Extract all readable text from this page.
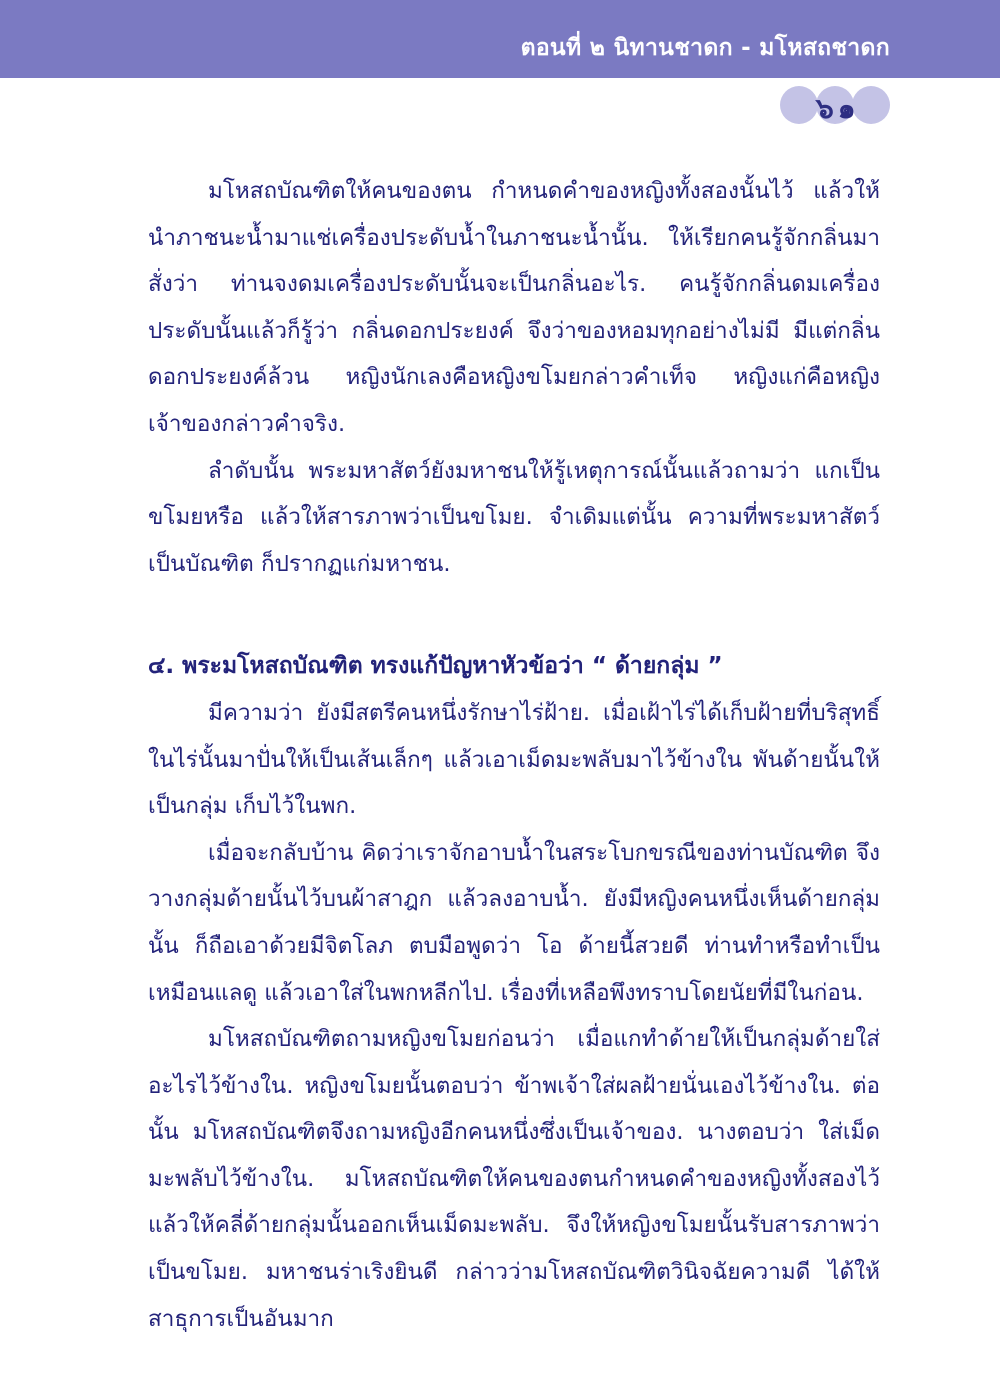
ตอนที่ ๒ นิทานชาดก - มโหสถชาดก
๖๑

มโหสถบัณฑิตให้คนของตน กำหนดคำของหญิงทั้งสองนั้นไว้ แล้วให้นำภาชนะน้ำมาแช่เครื่องประดับน้ำในภาชนะน้ำนั้น. ให้เรียกคนรู้จักกลิ่นมาสั่งว่า ท่านจงดมเครื่องประดับนั้นจะเป็นกลิ่นอะไร. คนรู้จักกลิ่นดมเครื่องประดับนั้นแล้วก็รู้ว่า กลิ่นดอกประยงค์ จึงว่าของหอมทุกอย่างไม่มี มีแต่กลิ่นดอกประยงค์ล้วน หญิงนักเลงคือหญิงขโมยกล่าวคำเท็จ หญิงแก่คือหญิงเจ้าของกล่าวคำจริง.

ลำดับนั้น พระมหาสัตว์ยังมหาชนให้รู้เหตุการณ์นั้นแล้วถามว่า แกเป็นขโมยหรือ แล้วให้สารภาพว่าเป็นขโมย. จำเดิมแต่นั้น ความที่พระมหาสัตว์เป็นบัณฑิต ก็ปรากฏแก่มหาชน.

๔. พระมโหสถบัณฑิต ทรงแก้ปัญหาหัวข้อว่า “ ด้ายกลุ่ม ”

มีความว่า ยังมีสตรีคนหนึ่งรักษาไร่ฝ้าย. เมื่อเฝ้าไร่ได้เก็บฝ้ายที่บริสุทธิ์ในไร่นั้นมาปั่นให้เป็นเส้นเล็กๆ แล้วเอาเม็ดมะพลับมาไว้ข้างใน พันด้ายนั้นให้เป็นกลุ่ม เก็บไว้ในพก.

เมื่อจะกลับบ้าน คิดว่าเราจักอาบน้ำในสระโบกขรณีของท่านบัณฑิต จึงวางกลุ่มด้ายนั้นไว้บนผ้าสาฎก แล้วลงอาบน้ำ. ยังมีหญิงคนหนึ่งเห็นด้ายกลุ่มนั้น ก็ถือเอาด้วยมีจิตโลภ ตบมือพูดว่า โอ ด้ายนี้สวยดี ท่านทำหรือทำเป็นเหมือนแลดู แล้วเอาใส่ในพกหลีกไป. เรื่องที่เหลือพึงทราบโดยนัยที่มีในก่อน.

มโหสถบัณฑิตถามหญิงขโมยก่อนว่า เมื่อแกทำด้ายให้เป็นกลุ่มด้ายใส่อะไรไว้ข้างใน. หญิงขโมยนั้นตอบว่า ข้าพเจ้าใส่ผลฝ้ายนั่นเองไว้ข้างใน. ต่อนั้น มโหสถบัณฑิตจึงถามหญิงอีกคนหนึ่งซึ่งเป็นเจ้าของ. นางตอบว่า ใส่เม็ดมะพลับไว้ข้างใน. มโหสถบัณฑิตให้คนของตนกำหนดคำของหญิงทั้งสองไว้ แล้วให้คลี่ด้ายกลุ่มนั้นออกเห็นเม็ดมะพลับ. จึงให้หญิงขโมยนั้นรับสารภาพว่าเป็นขโมย. มหาชนร่าเริงยินดี กล่าวว่ามโหสถบัณฑิตวินิจฉัยความดี ได้ให้สาธุการเป็นอันมาก
